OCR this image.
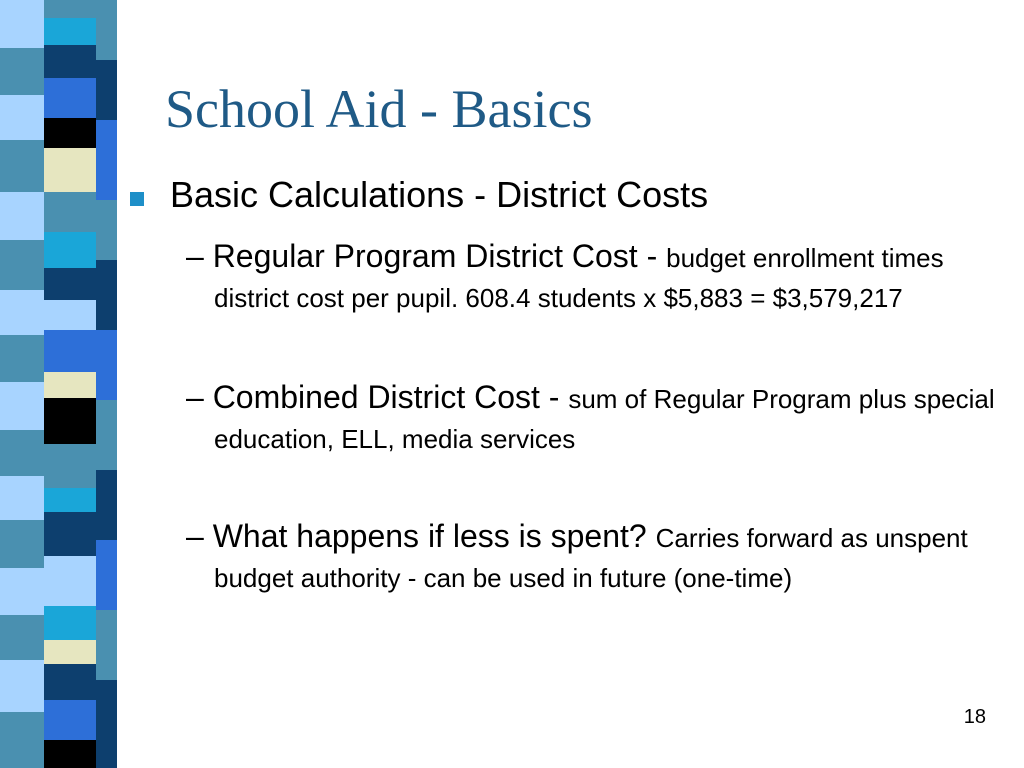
School Aid - Basics
Basic Calculations - District Costs
– Regular Program District Cost - budget enrollment times district cost per pupil. 608.4 students x $5,883 = $3,579,217
– Combined District Cost - sum of Regular Program plus special education, ELL, media services
– What happens if less is spent? Carries forward as unspent budget authority - can be used in future (one-time)
18
